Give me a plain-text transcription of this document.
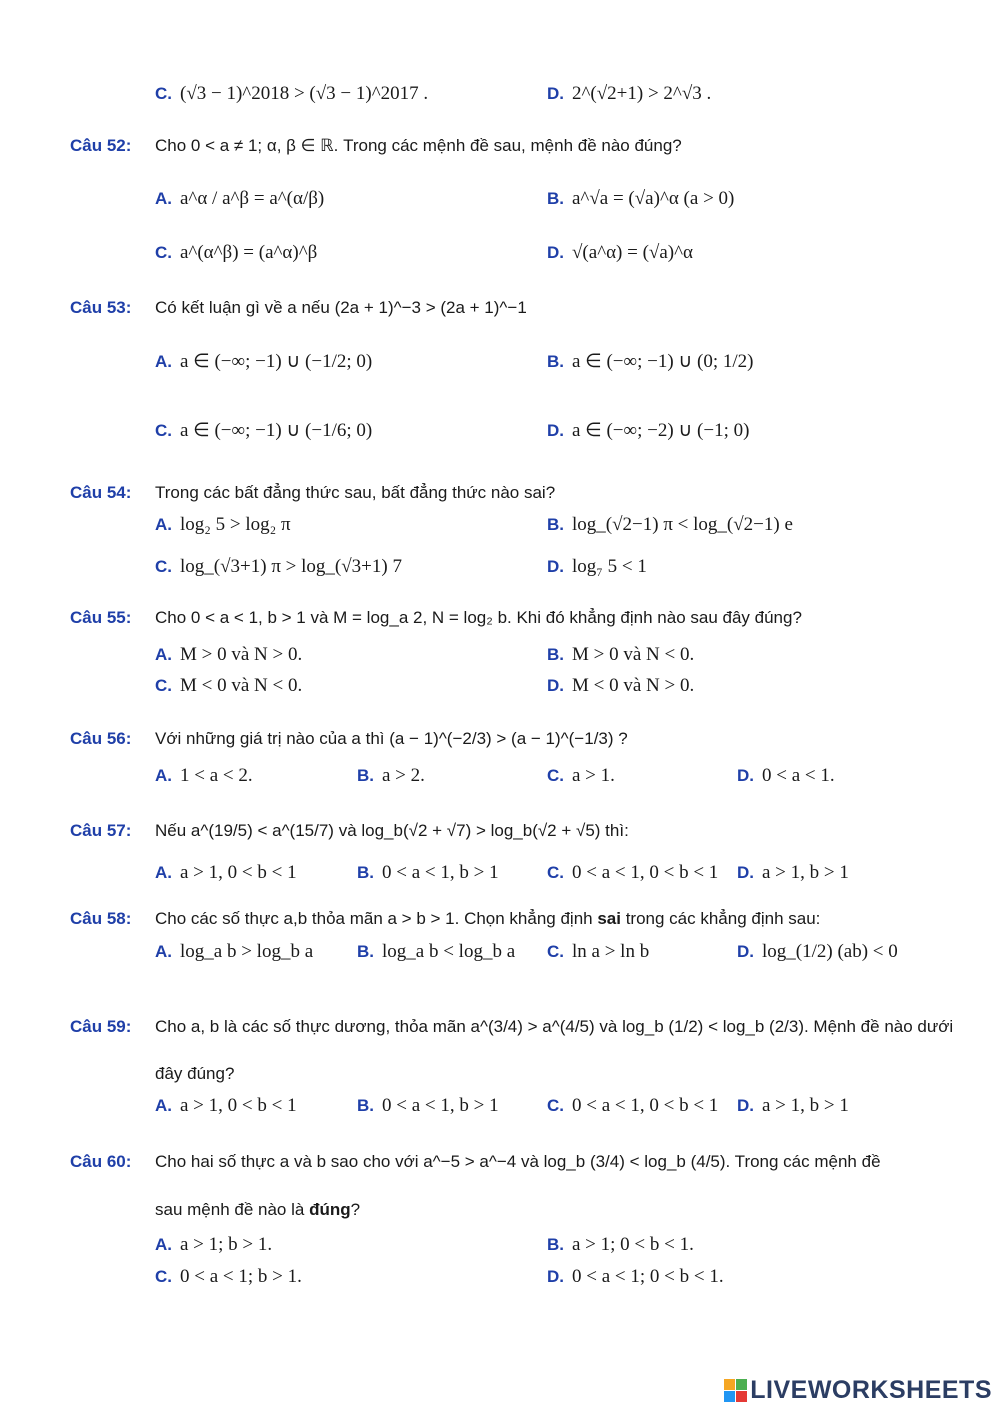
C. (√3 − 1)^2018 > (√3 − 1)^2017 .	D. 2^(√2+1) > 2^√3 .
Câu 52: Cho 0 < a ≠ 1; α, β ∈ ℝ. Trong các mệnh đề sau, mệnh đề nào đúng?
A. a^α / a^β = a^(α/β)	B. a^√a = (√a)^α (a > 0)
C. a^(α^β) = (a^α)^β	D. √(a^α) = (√a)^α
Câu 53: Có kết luận gì về a nếu (2a + 1)^−3 > (2a + 1)^−1
A. a ∈ (−∞; −1) ∪ (−1/2; 0)	B. a ∈ (−∞; −1) ∪ (0; 1/2)
C. a ∈ (−∞; −1) ∪ (−1/6; 0)	D. a ∈ (−∞; −2) ∪ (−1; 0)
Câu 54: Trong các bất đẳng thức sau, bất đẳng thức nào sai?
A. log₂ 5 > log₂ π	B. log_(√2−1) π < log_(√2−1) e
C. log_(√3+1) π > log_(√3+1) 7	D. log₇ 5 < 1
Câu 55: Cho 0 < a < 1, b > 1 và M = log_a 2, N = log₂ b. Khi đó khẳng định nào sau đây đúng?
A. M > 0 và N > 0.	B. M > 0 và N < 0.
C. M < 0 và N < 0.	D. M < 0 và N > 0.
Câu 56: Với những giá trị nào của a thì (a − 1)^(−2/3) > (a − 1)^(−1/3) ?
A. 1 < a < 2.	B. a > 2.	C. a > 1.	D. 0 < a < 1.
Câu 57: Nếu a^(19/5) < a^(15/7) và log_b(√2 + √7) > log_b(√2 + √5) thì:
A. a > 1, 0 < b < 1	B. 0 < a < 1, b > 1	C. 0 < a < 1, 0 < b < 1 D. a > 1, b > 1
Câu 58: Cho các số thực a,b thỏa mãn a > b > 1. Chọn khẳng định sai trong các khẳng định sau:
A. log_a b > log_b a	B. log_a b < log_b a C. ln a > ln b	D. log_(1/2) (ab) < 0
Câu 59: Cho a, b là các số thực dương, thỏa mãn a^(3/4) > a^(4/5) và log_b (1/2) < log_b (2/3). Mệnh đề nào dưới
đây đúng?
A. a > 1, 0 < b < 1	B. 0 < a < 1, b > 1	C. 0 < a < 1, 0 < b < 1 D. a > 1, b > 1
Câu 60: Cho hai số thực a và b sao cho với a^−5 > a^−4 và log_b (3/4) < log_b (4/5). Trong các mệnh đề
sau mệnh đề nào là đúng?
A. a > 1; b > 1.	B. a > 1; 0 < b < 1.
C. 0 < a < 1; b > 1.	D. 0 < a < 1; 0 < b < 1.
LIVEWORKSHEETS
